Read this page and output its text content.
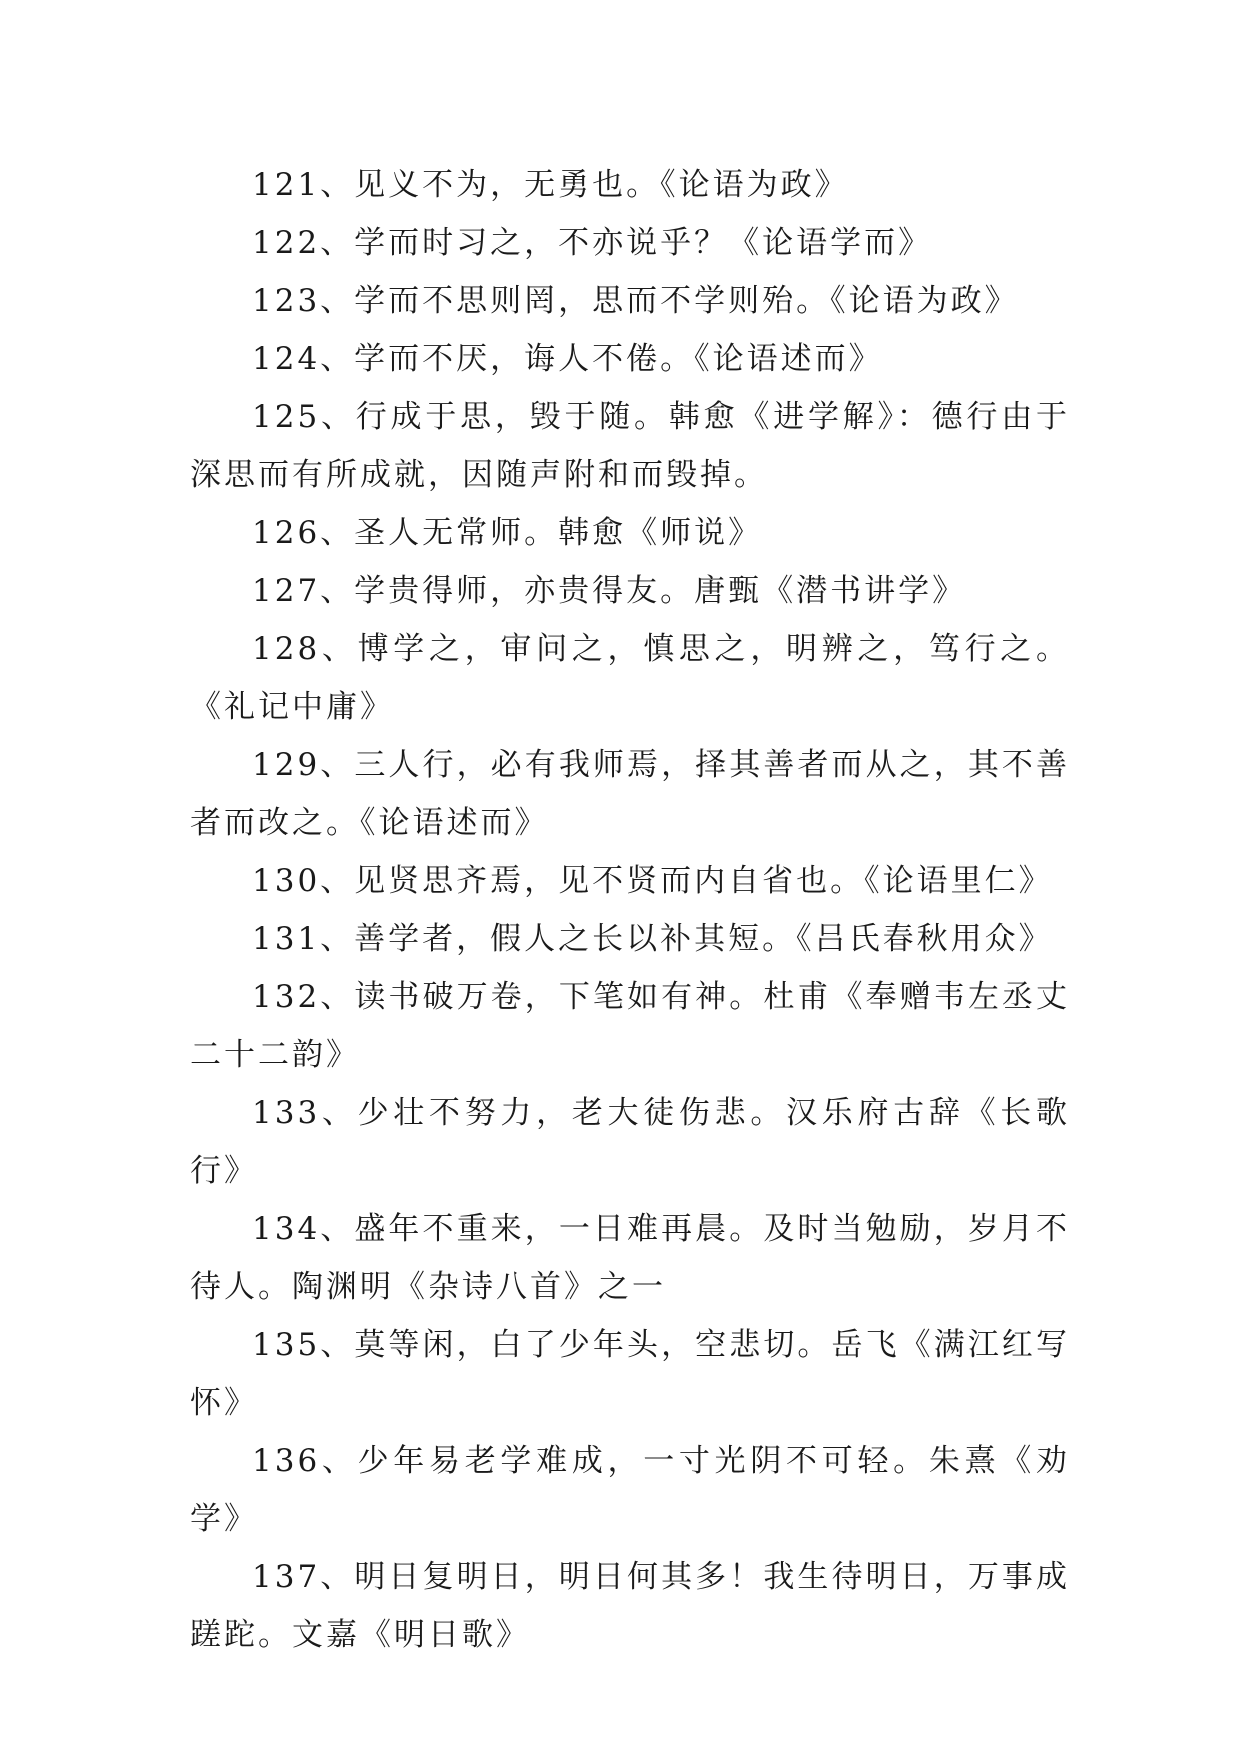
121、见义不为，无勇也。《论语为政》

122、学而时习之，不亦说乎？《论语学而》

123、学而不思则罔，思而不学则殆。《论语为政》

124、学而不厌，诲人不倦。《论语述而》

125、行成于思，毁于随。韩愈《进学解》：德行由于深思而有所成就，因随声附和而毁掉。

126、圣人无常师。韩愈《师说》

127、学贵得师，亦贵得友。唐甄《潜书讲学》

128、博学之，审问之，慎思之，明辨之，笃行之。《礼记中庸》

129、三人行，必有我师焉，择其善者而从之，其不善者而改之。《论语述而》

130、见贤思齐焉，见不贤而内自省也。《论语里仁》

131、善学者，假人之长以补其短。《吕氏春秋用众》

132、读书破万卷，下笔如有神。杜甫《奉赠韦左丞丈二十二韵》

133、少壮不努力，老大徒伤悲。汉乐府古辞《长歌行》

134、盛年不重来，一日难再晨。及时当勉励，岁月不待人。陶渊明《杂诗八首》之一

135、莫等闲，白了少年头，空悲切。岳飞《满江红写怀》

136、少年易老学难成，一寸光阴不可轻。朱熹《劝学》

137、明日复明日，明日何其多！我生待明日，万事成蹉跎。文嘉《明日歌》
